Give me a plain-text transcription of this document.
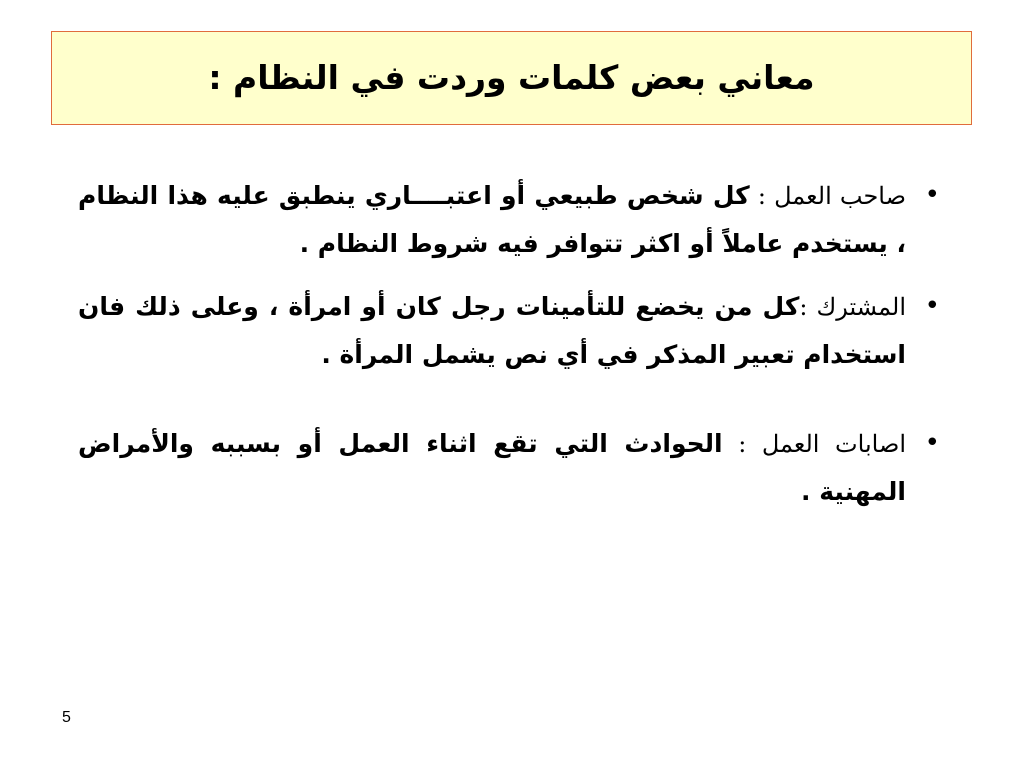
معاني بعض كلمات وردت في النظام :
•
صاحب العمل : كل شخص طبيعي أو اعتبــــاري ينطبق عليه هذا النظام ، يستخدم عاملاً أو اكثر تتوافر فيه شروط النظام .
•
المشترك :كل من يخضع للتأمينات رجل كان أو امرأة ، وعلى ذلك فان استخدام تعبير المذكر في أي نص يشمل المرأة .
•
اصابات العمل : الحوادث التي تقع اثناء العمل أو بسببه والأمراض المهنية .
5
